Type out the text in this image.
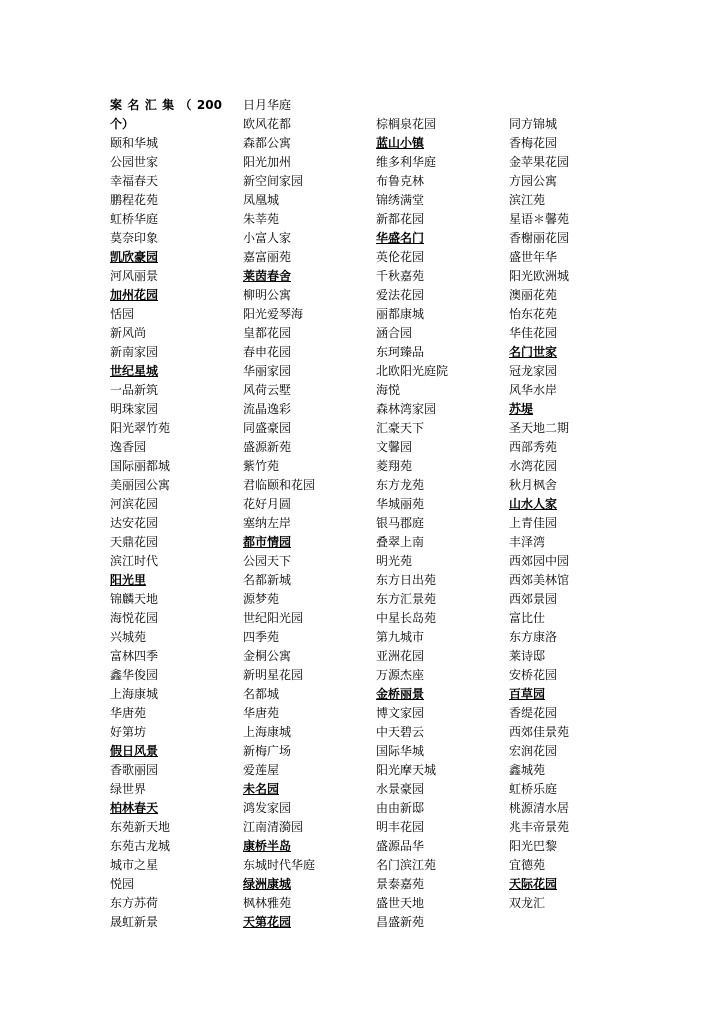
案 名 汇 集 （ 200
个）
颐和华城
公园世家
幸福春天
鹏程花苑
虹桥华庭
莫奈印象
凯欣豪园
河风丽景
加州花园
恬园
新风尚
新南家园
世纪星城
一品新筑
明珠家园
阳光翠竹苑
逸香园
国际丽都城
美丽园公寓
河滨花园
达安花园
天鼎花园
滨江时代
阳光里
锦麟天地
海悦花园
兴城苑
富林四季
鑫华俊园
上海康城
华唐苑
好第坊
假日风景
香歌丽园
绿世界
柏林春天
东苑新天地
东苑古龙城
城市之星
悦园
东方苏荷
晟虹新景
日月华庭
欧风花都
森都公寓
阳光加州
新空间家园
凤凰城
朱莘苑
小富人家
嘉富丽苑
莱茵春舍
柳明公寓
阳光爱琴海
皇都花园
春申花园
华丽家园
风荷云墅
流晶逸彩
同盛豪园
盛源新苑
紫竹苑
君临颐和花园
花好月圆
塞纳左岸
都市情园
公园天下
名都新城
源梦苑
世纪阳光园
四季苑
金桐公寓
新明星花园
名都城
华唐苑
上海康城
新梅广场
爱莲屋
未名园
鸿发家园
江南清漪园
康桥半岛
东城时代华庭
绿洲康城
枫林雅苑
天第花园
棕榈泉花园
蓝山小镇
维多利华庭
布鲁克林
锦绣满堂
新都花园
华盛名门
英伦花园
千秋嘉苑
爱法花园
丽都康城
涵合园
东珂臻品
北欧阳光庭院
海悦
森林湾家园
汇豪天下
文馨园
菱翔苑
东方龙苑
华城丽苑
银马郡庭
叠翠上南
明光苑
东方日出苑
东方汇景苑
中星长岛苑
第九城市
亚洲花园
万源杰座
金桥丽景
博文家园
中天碧云
国际华城
阳光摩天城
水景豪园
由由新邸
明丰花园
盛源品华
名门滨江苑
景泰嘉苑
盛世天地
昌盛新苑
同方锦城
香梅花园
金苹果花园
方园公寓
滨江苑
星语＊馨苑
香榭丽花园
盛世年华
阳光欧洲城
澳丽花苑
怡东花苑
华佳花园
名门世家
冠龙家园
风华水岸
苏堤
圣天地二期
西部秀苑
水湾花园
秋月枫舍
山水人家
上青佳园
丰泽湾
西郊园中园
西郊美林馆
西郊景园
富比仕
东方康洛
莱诗邸
安桥花园
百草园
香缇花园
西郊佳景苑
宏润花园
鑫城苑
虹桥乐庭
桃源清水居
兆丰帝景苑
阳光巴黎
宜德苑
天际花园
双龙汇
